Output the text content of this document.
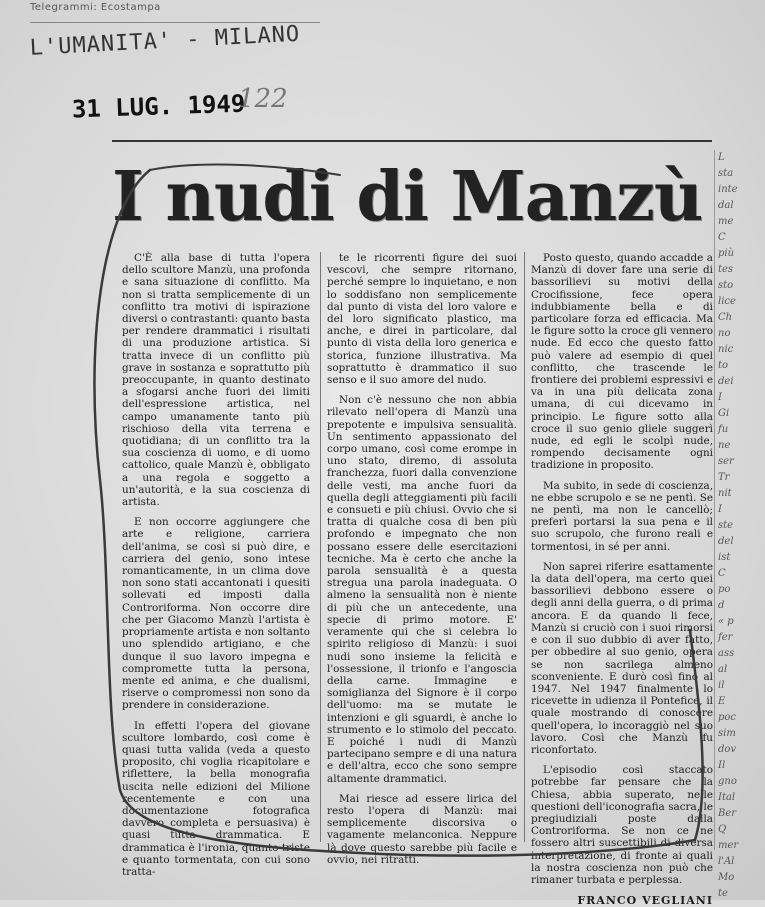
Telegrammi: Ecostampa
L'UMANITA' - MILANO
31 LUG. 1949
122
L
sta
inte
dal
me
C
più
tes
sto
lice
Ch
no
nic
to
dei
I
Gi
fu
ne
ser
Tr
nit
I
ste
del
ist
C
po
d
« p
fer
ass
al
il
E
poc
sim
dov
Il
gno
Ital
Ber
Q
mer
l'Al
Mo
te
I nudi di Manzù

C'È alla base di tutta l'opera dello scultore Manzù, una profonda e sana situazione di conflitto. Ma non si tratta semplicemente di un conflitto tra motivi di ispirazione diversi o contrastanti: quanto basta per rendere drammatici i risultati di una produzione artistica. Si tratta invece di un conflitto più grave in sostanza e soprattutto più preoccupante, in quanto destinato a sfogarsi anche fuori dei limiti dell'espressione artistica, nel campo umanamente tanto più rischioso della vita terrena e quotidiana; di un conflitto tra la sua coscienza di uomo, e di uomo cattolico, quale Manzù è, obbligato a una regola e soggetto a un'autorità, e la sua coscienza di artista.

E non occorre aggiungere che arte e religione, carriera dell'anima, se così si può dire, e carriera del genio, sono intese romanticamente, in un clima dove non sono stati accantonati i quesiti sollevati ed imposti dalla Controriforma. Non occorre dire che per Giacomo Manzù l'artista è propriamente artista e non soltanto uno splendido artigiano, e che dunque il suo lavoro impegna e compromette tutta la persona, mente ed anima, e che dualismi, riserve o compromessi non sono da prendere in considerazione.

In effetti l'opera del giovane scultore lombardo, così come è quasi tutta valida (veda a questo proposito, chi voglia ricapitolare e riflettere, la bella monografia uscita nelle edizioni del Milione recentemente e con una documentazione fotografica davvero completa e persuasiva) è quasi tutta drammatica. E drammatica è l'ironia, quanto triste e quanto tormentata, con cui sono tratta-

te le ricorrenti figure dei suoi vescovi, che sempre ritornano, perché sempre lo inquietano, e non lo soddisfano non semplicemente dal punto di vista del loro valore e del loro significato plastico, ma anche, e direi in particolare, dal punto di vista della loro generica e storica, funzione illustrativa. Ma soprattutto è drammatico il suo senso e il suo amore del nudo.

Non c'è nessuno che non abbia rilevato nell'opera di Manzù una prepotente e impulsiva sensualità. Un sentimento appassionato del corpo umano, così come erompe in uno stato, diremo, di assoluta franchezza, fuori dalla convenzione delle vesti, ma anche fuori da quella degli atteggiamenti più facili e consueti e più chiusi. Ovvio che si tratta di qualche cosa di ben più profondo e impegnato che non possano essere delle esercitazioni tecniche. Ma è certo che anche la parola sensualità è a questa stregua una parola inadeguata. O almeno la sensualità non è niente di più che un antecedente, una specie di primo motore. E' veramente qui che si celebra lo spirito religioso di Manzù: i suoi nudi sono insieme la felicità e l'ossessione, il trionfo e l'angoscia della carne. Immagine e somiglianza del Signore è il corpo dell'uomo: ma se mutate le intenzioni e gli sguardi, è anche lo strumento e lo stimolo del peccato. E poiché i nudi di Manzù partecipano sempre e di una natura e dell'altra, ecco che sono sempre altamente drammatici.

Mai riesce ad essere lirica del resto l'opera di Manzù: mai semplicemente discorsiva o vagamente melanconica. Neppure là dove questo sarebbe più facile e ovvio, nei ritratti.

Posto questo, quando accadde a Manzù di dover fare una serie di bassorilievi su motivi della Crocifissione, fece opera indubbiamente bella e di particolare forza ed efficacia. Ma le figure sotto la croce gli vennero nude. Ed ecco che questo fatto può valere ad esempio di quel conflitto, che trascende le frontiere dei problemi espressivi e va in una più delicata zona umana, di cui dicevamo in principio. Le figure sotto alla croce il suo genio gliele suggerì nude, ed egli le scolpì nude, rompendo decisamente ogni tradizione in proposito.

Ma subito, in sede di coscienza, ne ebbe scrupolo e se ne pentì. Se ne pentì, ma non le cancellò; preferì portarsi la sua pena e il suo scrupolo, che furono reali e tormentosi, in sé per anni.

Non saprei riferire esattamente la data dell'opera, ma certo quei bassorilievi debbono essere o degli anni della guerra, o di prima ancora. E da quando li fece, Manzù si cruciò con i suoi rimorsi e con il suo dubbio di aver fatto, per obbedire al suo genio, opera se non sacrilega almeno sconveniente. E durò così fino al 1947. Nel 1947 finalmente lo ricevette in udienza il Pontefice, il quale mostrando di conoscere quell'opera, lo incoraggiò nel suo lavoro. Così che Manzù fu riconfortato.

L'episodio così staccato potrebbe far pensare che la Chiesa, abbia superato, nelle questioni dell'iconografia sacra, le pregiudiziali poste dalla Controriforma. Se non ce ne fossero altri suscettibili di diversa interpretazione, di fronte ai quali la nostra coscienza non può che rimaner turbata e perplessa.

FRANCO VEGLIANI
